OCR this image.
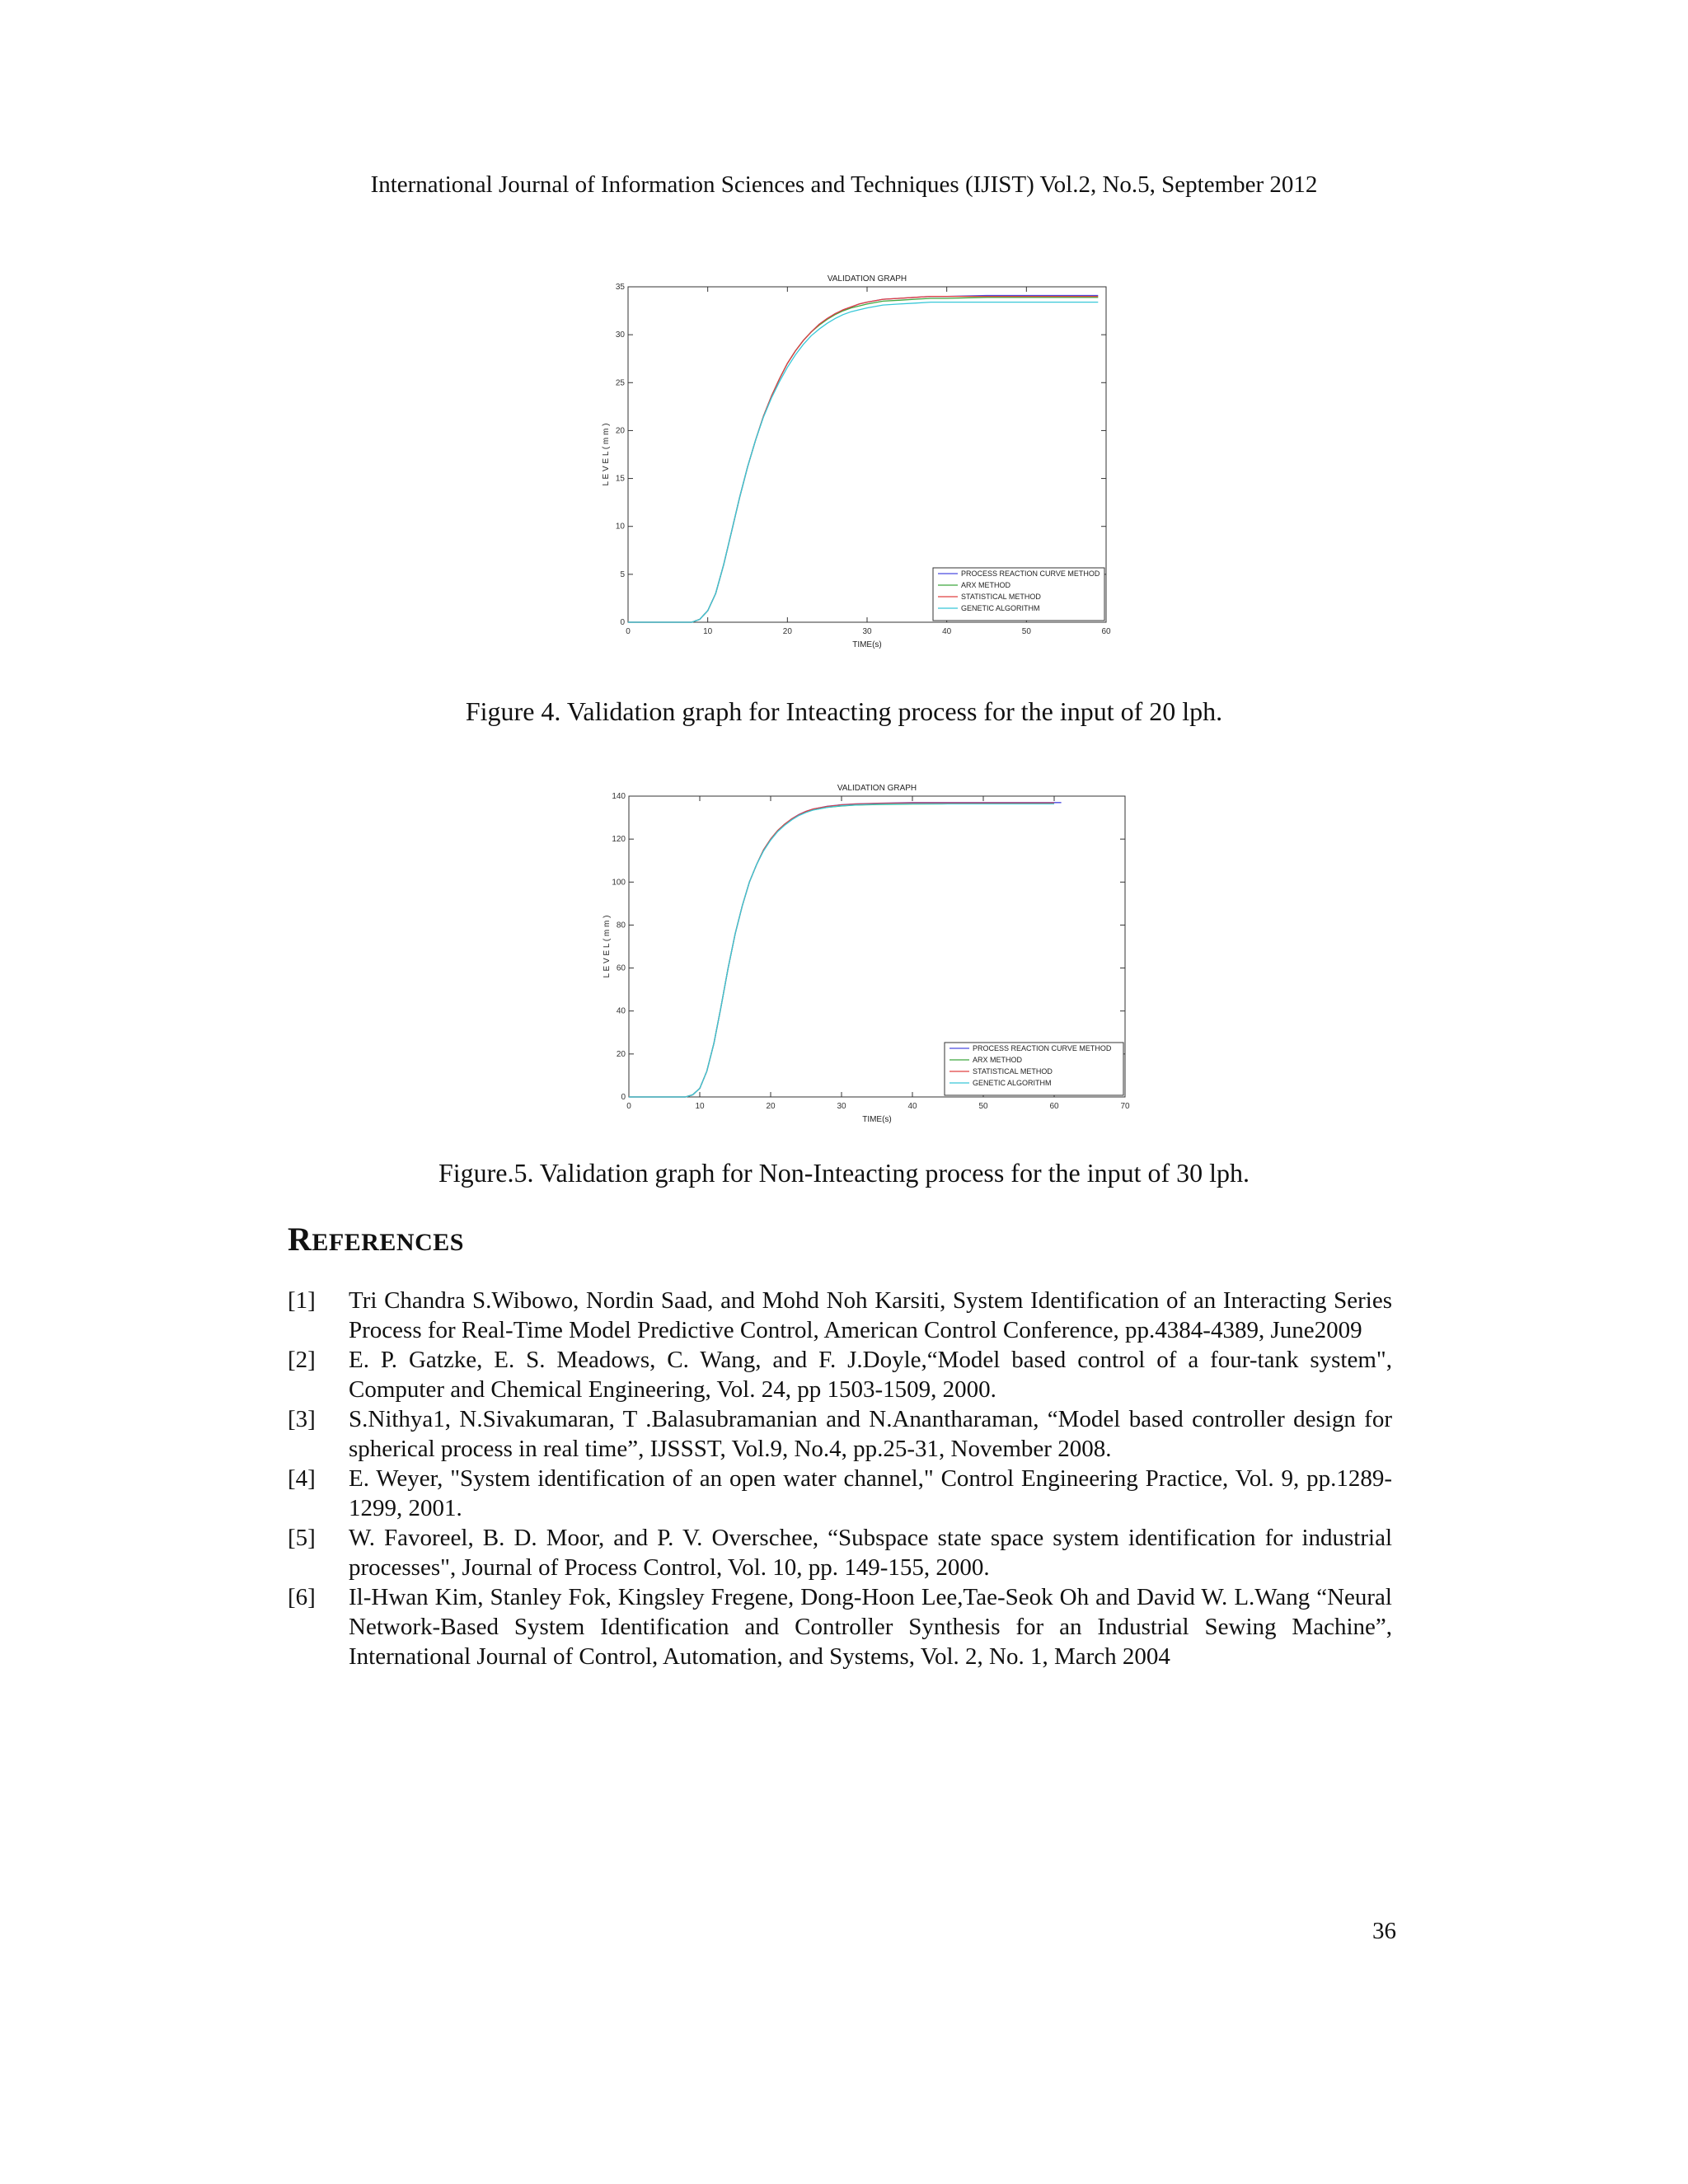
International Journal of Information Sciences and Techniques (IJIST) Vol.2, No.5, September 2012
0	10	20	30	40	50	60
0
5
10
15
20
25
30
35
VALIDATION GRAPH
TIME(s)
L E V E L ( m m )
PROCESS REACTION CURVE METHOD
ARX METHOD
STATISTICAL METHOD
GENETIC ALGORITHM
Figure 4. Validation graph for Inteacting process for the input of 20 lph.
0	10	20	30	40	50	60	70
0
20
40
60
80
100
120
140
VALIDATION GRAPH
TIME(s)
L E V E L ( m m )
PROCESS REACTION CURVE METHOD
ARX METHOD
STATISTICAL METHOD
GENETIC ALGORITHM
Figure.5. Validation graph for Non-Inteacting process for the input of 30 lph.
REFERENCES
[1] Tri Chandra S.Wibowo, Nordin Saad, and Mohd Noh Karsiti, System Identification of an Interacting Series Process for Real-Time Model Predictive Control, American Control Conference, pp.4384-4389, June2009
[2] E. P. Gatzke, E. S. Meadows, C. Wang, and F. J.Doyle,“Model based control of a four-tank system", Computer and Chemical Engineering, Vol. 24, pp 1503-1509, 2000.
[3] S.Nithya1, N.Sivakumaran, T .Balasubramanian and N.Anantharaman, “Model based controller design for spherical process in real time”, IJSSST, Vol.9, No.4, pp.25-31, November 2008.
[4] E. Weyer, "System identification of an open water channel," Control Engineering Practice, Vol. 9, pp.1289-1299, 2001.
[5] W. Favoreel, B. D. Moor, and P. V. Overschee, “Subspace state space system identification for industrial processes", Journal of Process Control, Vol. 10, pp. 149-155, 2000.
[6] Il-Hwan Kim, Stanley Fok, Kingsley Fregene, Dong-Hoon Lee,Tae-Seok Oh and David W. L.Wang “Neural Network-Based System Identification and Controller Synthesis for an Industrial Sewing Machine”, International Journal of Control, Automation, and Systems, Vol. 2, No. 1, March 2004
36
